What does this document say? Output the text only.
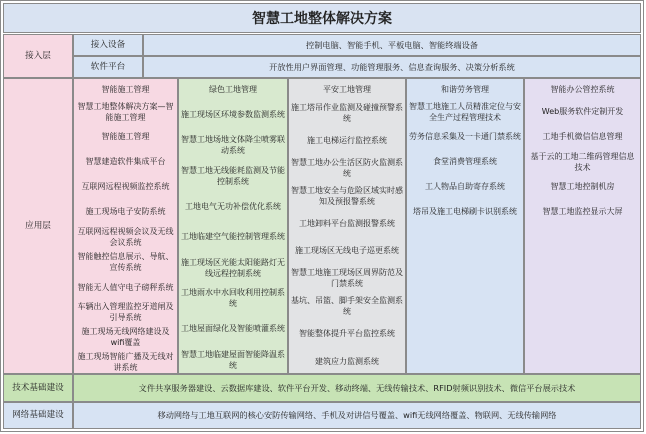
智慧工地整体解决方案
接入层
接入设备	控制电脑、智能手机、平板电脑、智能终端设备
软件平台	开放性用户界面管理、功能管理服务、信息查询服务、决策分析系统
应用层
智能施工管理
智慧工地整体解决方案—智能施工管理
智能施工管理
智慧建造软件集成平台
互联网远程视频监控系统
施工现场电子安防系统
互联网远程视频会议及无线会议系统
智能触控信息展示、导航、宣传系统
智能无人值守电子磅秤系统
车辆出入管理监控牙道闸及引导系统
施工现场无线网络建设及wifi覆盖
施工现场智能广播及无线对讲系统
绿色工地管理
施工现场区环境参数监测系统
智慧工地场地文体降尘喷雾联动系统
智慧工地无线能耗监测及节能控制系统
工地电气无功补偿优化系统
工地临建空气能控制管理系统
施工现场区光能太阳能路灯无线远程控制系统
工地雨水中水回收利用控制系统
工地屋面绿化及智能喷灌系统
智慧工地临建屋面智能降温系统
平安工地管理
施工塔吊作业监测及碰撞预警系统
施工电梯运行监控系统
智慧工地办公生活区防火监测系统
智慧工地安全与危险区域实时感知及预报警系统
工地卸料平台监测报警系统
施工现场区无线电子巡更系统
智慧工地施工现场区周界防范及门禁系统
基坑、吊篮、脚手架安全监测系统
智能整体提升平台监控系统
建筑应力监测系统
和谐劳务管理
智慧工地施工人员精准定位与安全生产过程管理技术
劳务信息采集及一卡通门禁系统
食堂消费管理系统
工人物品自助寄存系统
塔吊及施工电梯刷卡识别系统
智能办公管控系统
Web服务软件定制开发
工地手机微信信息管理
基于云的工地二维码管理信息技术
智慧工地控制机房
智慧工地监控显示大屏
技术基础建设	文件共享服务器建设、云数据库建设、软件平台开发、移动终端、无线传输技术、RFID射频识别技术、微信平台展示技术
网络基础建设	移动网络与工地互联网的核心安防传输网络、手机及对讲信号覆盖、wifi无线网络覆盖、物联网、无线传输网络
